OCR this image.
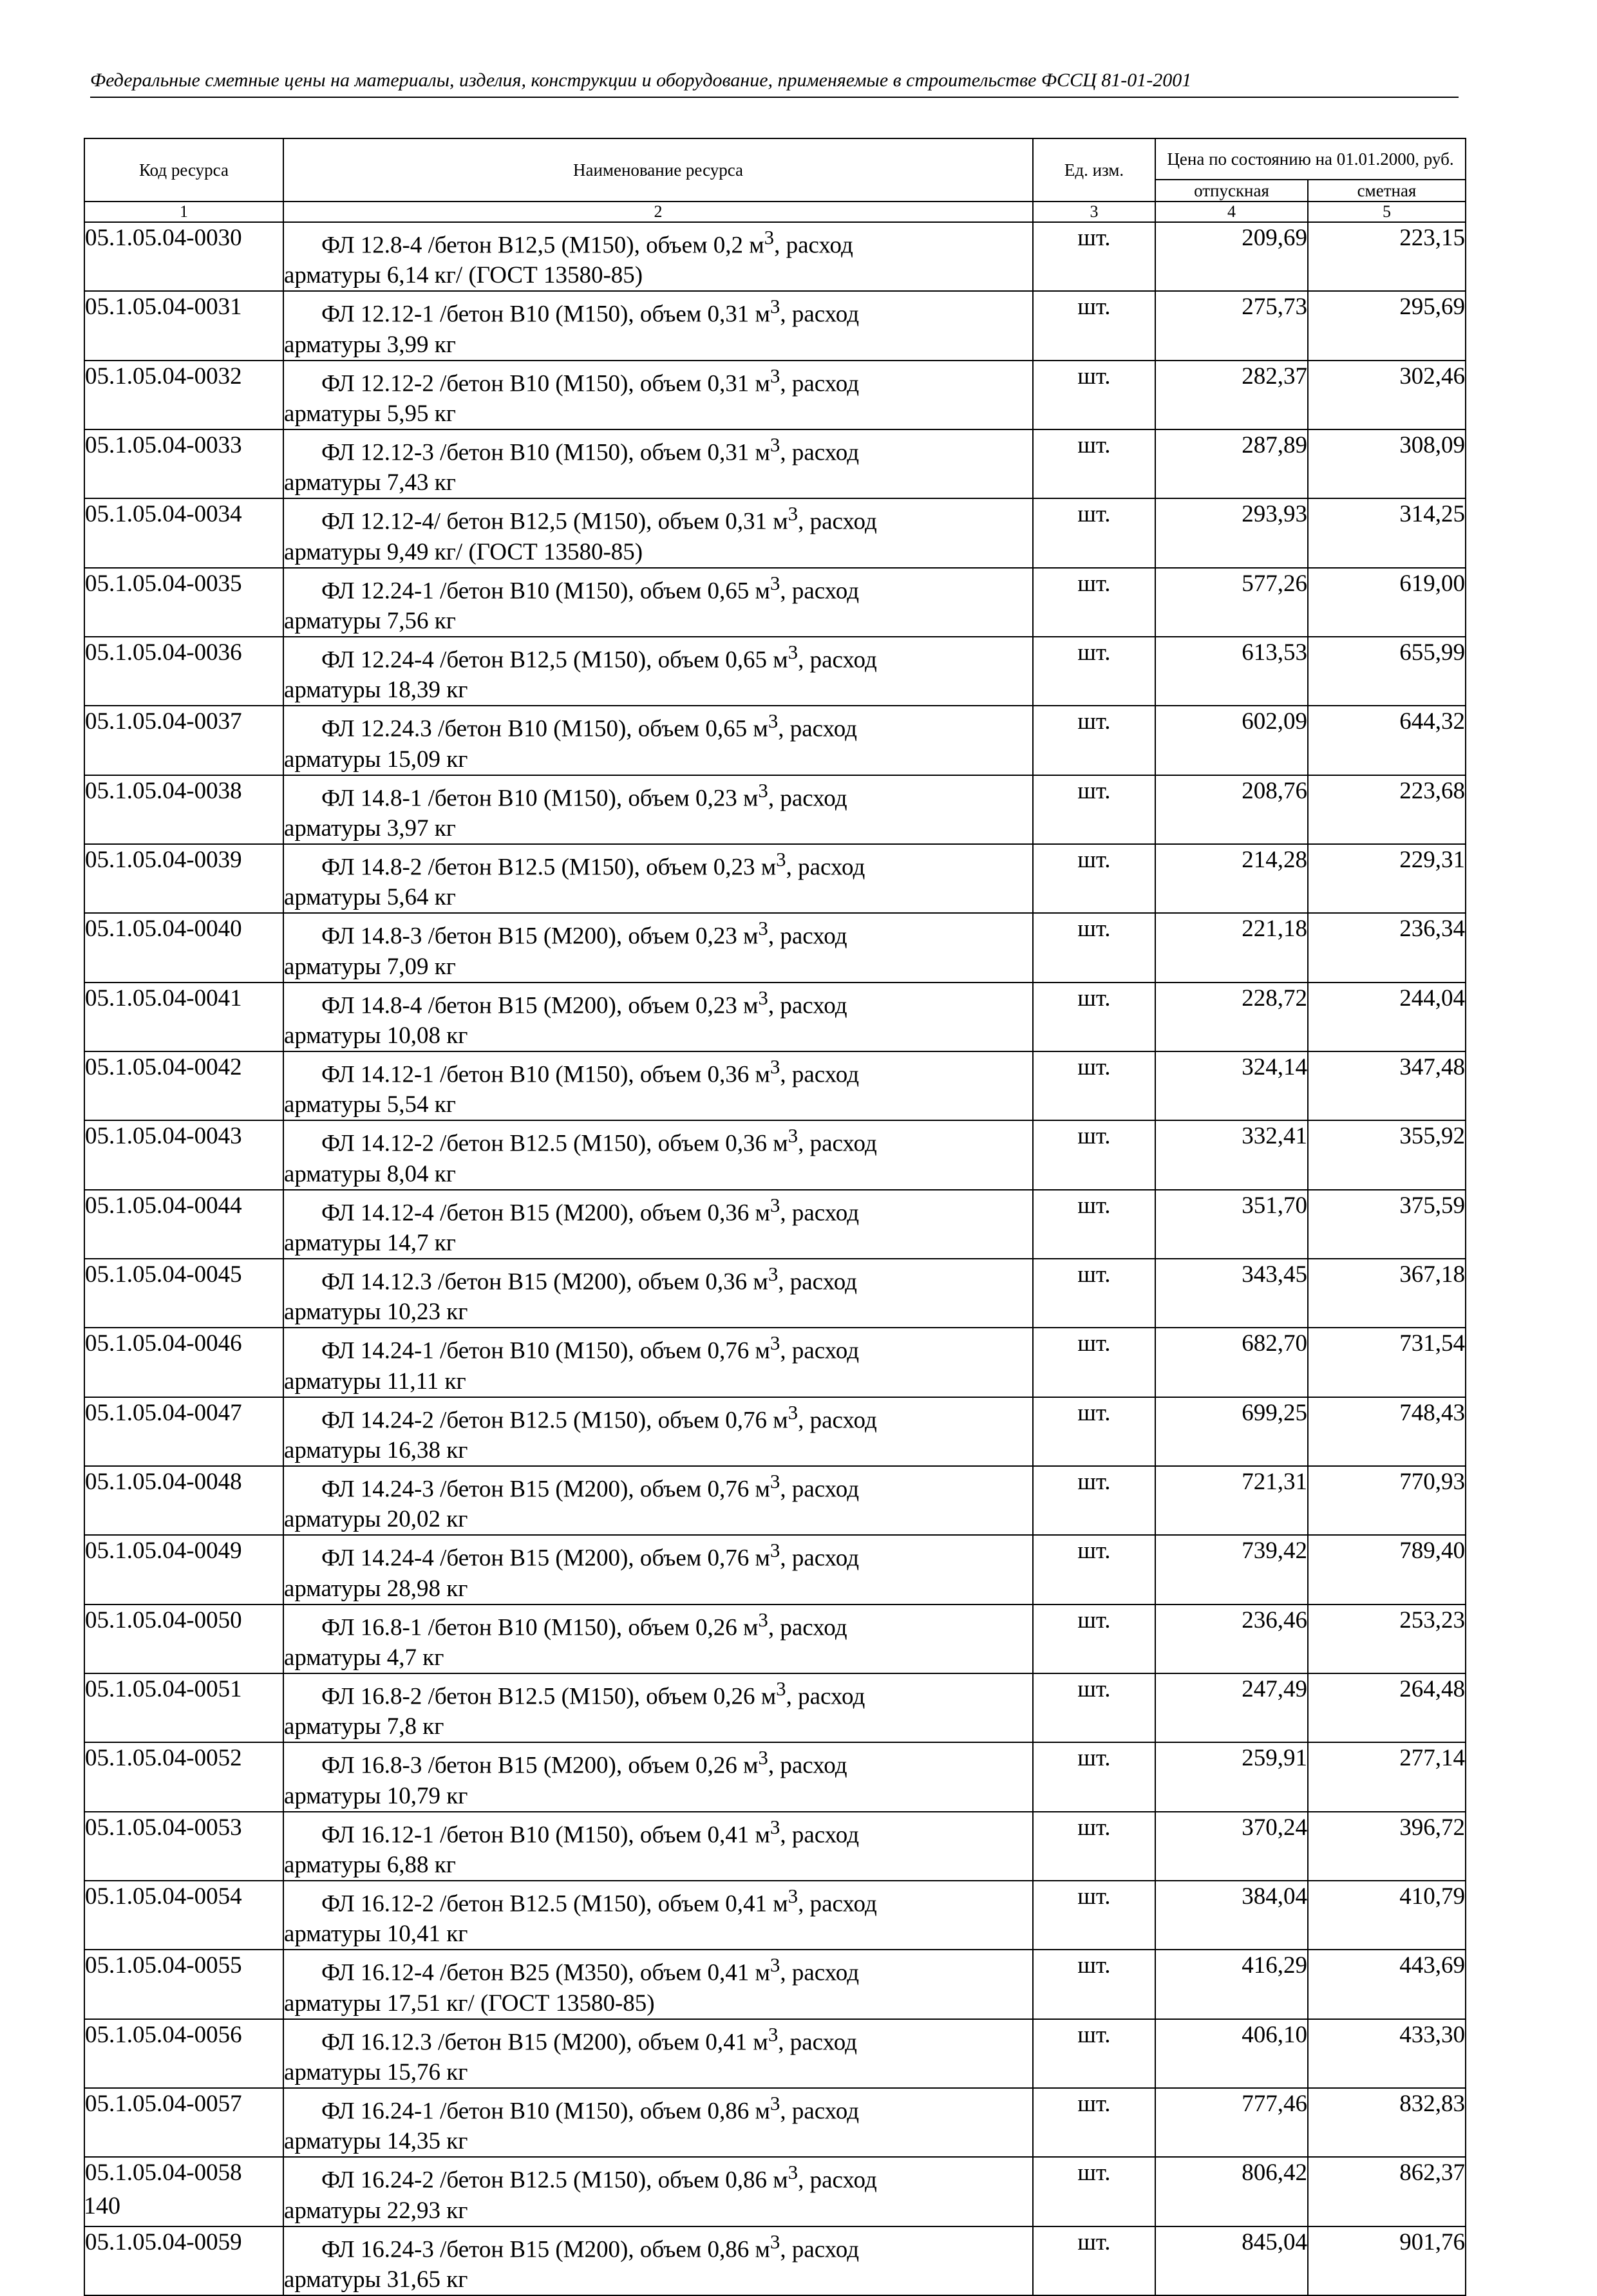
Федеральные сметные цены на материалы, изделия, конструкции и оборудование, применяемые в строительстве ФССЦ 81-01-2001
Код ресурса	Наименование ресурса	Ед. изм.	Цена по состоянию на 01.01.2000, руб.	
			отпускная	сметная
1	2	3	4	5
05.1.05.04-0030	ФЛ 12.8-4 /бетон В12,5 (М150), объем 0,2 $м^3$, расход
арматуры 6,14 кг/ (ГОСТ 13580-85)	шт.	209,69	223,15
05.1.05.04-0031	ФЛ 12.12-1 /бетон В10 (М150), объем 0,31 $м^3$, расход
арматуры 3,99 кг	шт.	275,73	295,69
05.1.05.04-0032	ФЛ 12.12-2 /бетон В10 (М150), объем 0,31 $м^3$, расход
арматуры 5,95 кг	шт.	282,37	302,46
05.1.05.04-0033	ФЛ 12.12-3 /бетон В10 (М150), объем 0,31 $м^3$, расход
арматуры 7,43 кг	шт.	287,89	308,09
05.1.05.04-0034	ФЛ 12.12-4/ бетон В12,5 (М150), объем 0,31 $м^3$, расход
арматуры 9,49 кг/ (ГОСТ 13580-85)	шт.	293,93	314,25
05.1.05.04-0035	ФЛ 12.24-1 /бетон В10 (М150), объем 0,65 $м^3$, расход
арматуры 7,56 кг	шт.	577,26	619,00
05.1.05.04-0036	ФЛ 12.24-4 /бетон В12,5 (М150), объем 0,65 $м^3$, расход
арматуры 18,39 кг	шт.	613,53	655,99
05.1.05.04-0037	ФЛ 12.24.3 /бетон В10 (М150), объем 0,65 $м^3$, расход
арматуры 15,09 кг	шт.	602,09	644,32
05.1.05.04-0038	ФЛ 14.8-1 /бетон В10 (М150), объем 0,23 $м^3$, расход
арматуры 3,97 кг	шт.	208,76	223,68
05.1.05.04-0039	ФЛ 14.8-2 /бетон В12.5 (М150), объем 0,23 $м^3$, расход
арматуры 5,64 кг	шт.	214,28	229,31
05.1.05.04-0040	ФЛ 14.8-3 /бетон В15 (М200), объем 0,23 $м^3$, расход
арматуры 7,09 кг	шт.	221,18	236,34
05.1.05.04-0041	ФЛ 14.8-4 /бетон В15 (М200), объем 0,23 $м^3$, расход
арматуры 10,08 кг	шт.	228,72	244,04
05.1.05.04-0042	ФЛ 14.12-1 /бетон В10 (М150), объем 0,36 $м^3$, расход
арматуры 5,54 кг	шт.	324,14	347,48
05.1.05.04-0043	ФЛ 14.12-2 /бетон В12.5 (М150), объем 0,36 $м^3$, расход
арматуры 8,04 кг	шт.	332,41	355,92
05.1.05.04-0044	ФЛ 14.12-4 /бетон В15 (М200), объем 0,36 $м^3$, расход
арматуры 14,7 кг	шт.	351,70	375,59
05.1.05.04-0045	ФЛ 14.12.3 /бетон В15 (М200), объем 0,36 $м^3$, расход
арматуры 10,23 кг	шт.	343,45	367,18
05.1.05.04-0046	ФЛ 14.24-1 /бетон В10 (М150), объем 0,76 $м^3$, расход
арматуры 11,11 кг	шт.	682,70	731,54
05.1.05.04-0047	ФЛ 14.24-2 /бетон В12.5 (М150), объем 0,76 $м^3$, расход
арматуры 16,38 кг	шт.	699,25	748,43
05.1.05.04-0048	ФЛ 14.24-3 /бетон В15 (М200), объем 0,76 $м^3$, расход
арматуры 20,02 кг	шт.	721,31	770,93
05.1.05.04-0049	ФЛ 14.24-4 /бетон В15 (М200), объем 0,76 $м^3$, расход
арматуры 28,98 кг	шт.	739,42	789,40
05.1.05.04-0050	ФЛ 16.8-1 /бетон В10 (М150), объем 0,26 $м^3$, расход
арматуры 4,7 кг	шт.	236,46	253,23
05.1.05.04-0051	ФЛ 16.8-2 /бетон В12.5 (М150), объем 0,26 $м^3$, расход
арматуры 7,8 кг	шт.	247,49	264,48
05.1.05.04-0052	ФЛ 16.8-3 /бетон В15 (М200), объем 0,26 $м^3$, расход
арматуры 10,79 кг	шт.	259,91	277,14
05.1.05.04-0053	ФЛ 16.12-1 /бетон В10 (М150), объем 0,41 $м^3$, расход
арматуры 6,88 кг	шт.	370,24	396,72
05.1.05.04-0054	ФЛ 16.12-2 /бетон В12.5 (М150), объем 0,41 $м^3$, расход
арматуры 10,41 кг	шт.	384,04	410,79
05.1.05.04-0055	ФЛ 16.12-4 /бетон В25 (М350), объем 0,41 $м^3$, расход
арматуры 17,51 кг/ (ГОСТ 13580-85)	шт.	416,29	443,69
05.1.05.04-0056	ФЛ 16.12.3 /бетон В15 (М200), объем 0,41 $м^3$, расход
арматуры 15,76 кг	шт.	406,10	433,30
05.1.05.04-0057	ФЛ 16.24-1 /бетон В10 (М150), объем 0,86 $м^3$, расход
арматуры 14,35 кг	шт.	777,46	832,83
05.1.05.04-0058	ФЛ 16.24-2 /бетон В12.5 (М150), объем 0,86 $м^3$, расход
арматуры 22,93 кг	шт.	806,42	862,37
05.1.05.04-0059	ФЛ 16.24-3 /бетон В15 (М200), объем 0,86 $м^3$, расход
арматуры 31,65 кг	шт.	845,04	901,76
140
